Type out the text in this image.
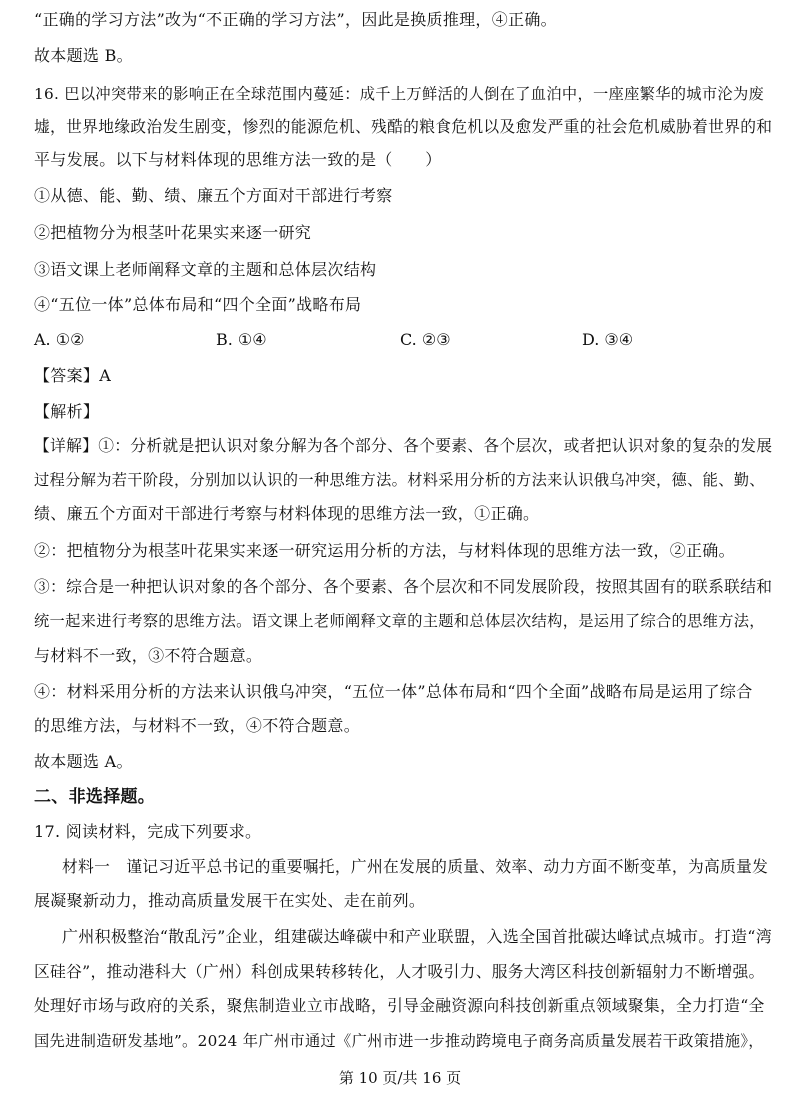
“正确的学习方法”改为“不正确的学习方法”，因此是换质推理，④正确。
故本题选 B。
16. 巴以冲突带来的影响正在全球范围内蔓延：成千上万鲜活的人倒在了血泊中，一座座繁华的城市沦为废
墟，世界地缘政治发生剧变，惨烈的能源危机、残酷的粮食危机以及愈发严重的社会危机威胁着世界的和
平与发展。以下与材料体现的思维方法一致的是（　　）
①从德、能、勤、绩、廉五个方面对干部进行考察
②把植物分为根茎叶花果实来逐一研究
③语文课上老师阐释文章的主题和总体层次结构
④“五位一体”总体布局和“四个全面”战略布局
A. ①②	B. ①④	C. ②③	D. ③④
【答案】A
【解析】
【详解】①：分析就是把认识对象分解为各个部分、各个要素、各个层次，或者把认识对象的复杂的发展
过程分解为若干阶段，分别加以认识的一种思维方法。材料采用分析的方法来认识俄乌冲突，德、能、勤、
绩、廉五个方面对干部进行考察与材料体现的思维方法一致，①正确。
②：把植物分为根茎叶花果实来逐一研究运用分析的方法，与材料体现的思维方法一致，②正确。
③：综合是一种把认识对象的各个部分、各个要素、各个层次和不同发展阶段，按照其固有的联系联结和
统一起来进行考察的思维方法。语文课上老师阐释文章的主题和总体层次结构，是运用了综合的思维方法，
与材料不一致，③不符合题意。
④：材料采用分析的方法来认识俄乌冲突，“五位一体”总体布局和“四个全面”战略布局是运用了综合
的思维方法，与材料不一致，④不符合题意。
故本题选 A。
二、非选择题。
17. 阅读材料，完成下列要求。
材料一　谨记习近平总书记的重要嘱托，广州在发展的质量、效率、动力方面不断变革，为高质量发
展凝聚新动力，推动高质量发展干在实处、走在前列。
广州积极整治“散乱污”企业，组建碳达峰碳中和产业联盟，入选全国首批碳达峰试点城市。打造“湾
区硅谷”，推动港科大（广州）科创成果转移转化，人才吸引力、服务大湾区科技创新辐射力不断增强。
处理好市场与政府的关系，聚焦制造业立市战略，引导金融资源向科技创新重点领域聚集，全力打造“全
国先进制造研发基地”。2024 年广州市通过《广州市进一步推动跨境电子商务高质量发展若干政策措施》，
第 10 页/共 16 页
